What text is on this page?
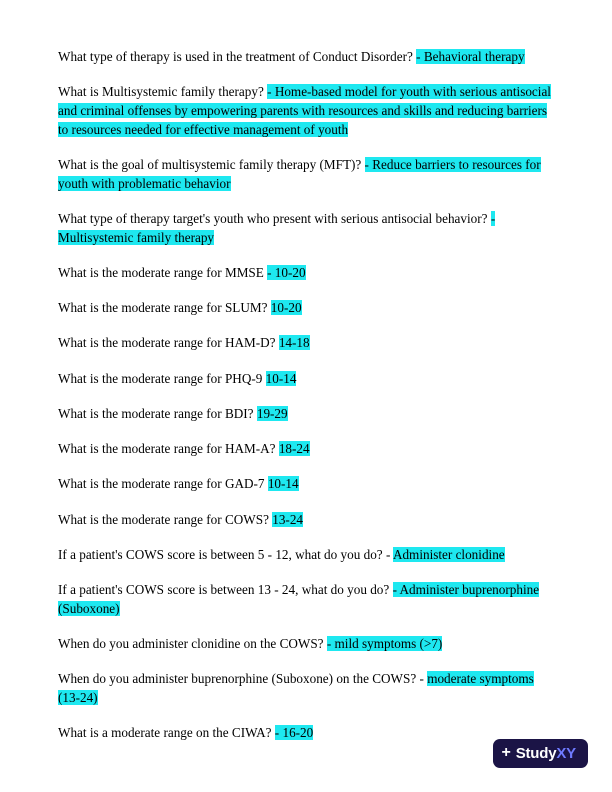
What type of therapy is used in the treatment of Conduct Disorder? - Behavioral therapy

What is Multisystemic family therapy? - Home-based model for youth with serious antisocial and criminal offenses by empowering parents with resources and skills and reducing barriers to resources needed for effective management of youth

What is the goal of multisystemic family therapy (MFT)? - Reduce barriers to resources for youth with problematic behavior

What type of therapy target's youth who present with serious antisocial behavior? - Multisystemic family therapy

What is the moderate range for MMSE - 10-20

What is the moderate range for SLUM? 10-20

What is the moderate range for HAM-D? 14-18

What is the moderate range for PHQ-9 10-14

What is the moderate range for BDI? 19-29

What is the moderate range for HAM-A? 18-24

What is the moderate range for GAD-7 10-14

What is the moderate range for COWS? 13-24

If a patient's COWS score is between 5 - 12, what do you do? - Administer clonidine

If a patient's COWS score is between 13 - 24, what do you do? - Administer buprenorphine (Suboxone)

When do you administer clonidine on the COWS? - mild symptoms (>7)

When do you administer buprenorphine (Suboxone) on the COWS? - moderate symptoms (13-24)

What is a moderate range on the CIWA? - 16-20

+ StudyXY
